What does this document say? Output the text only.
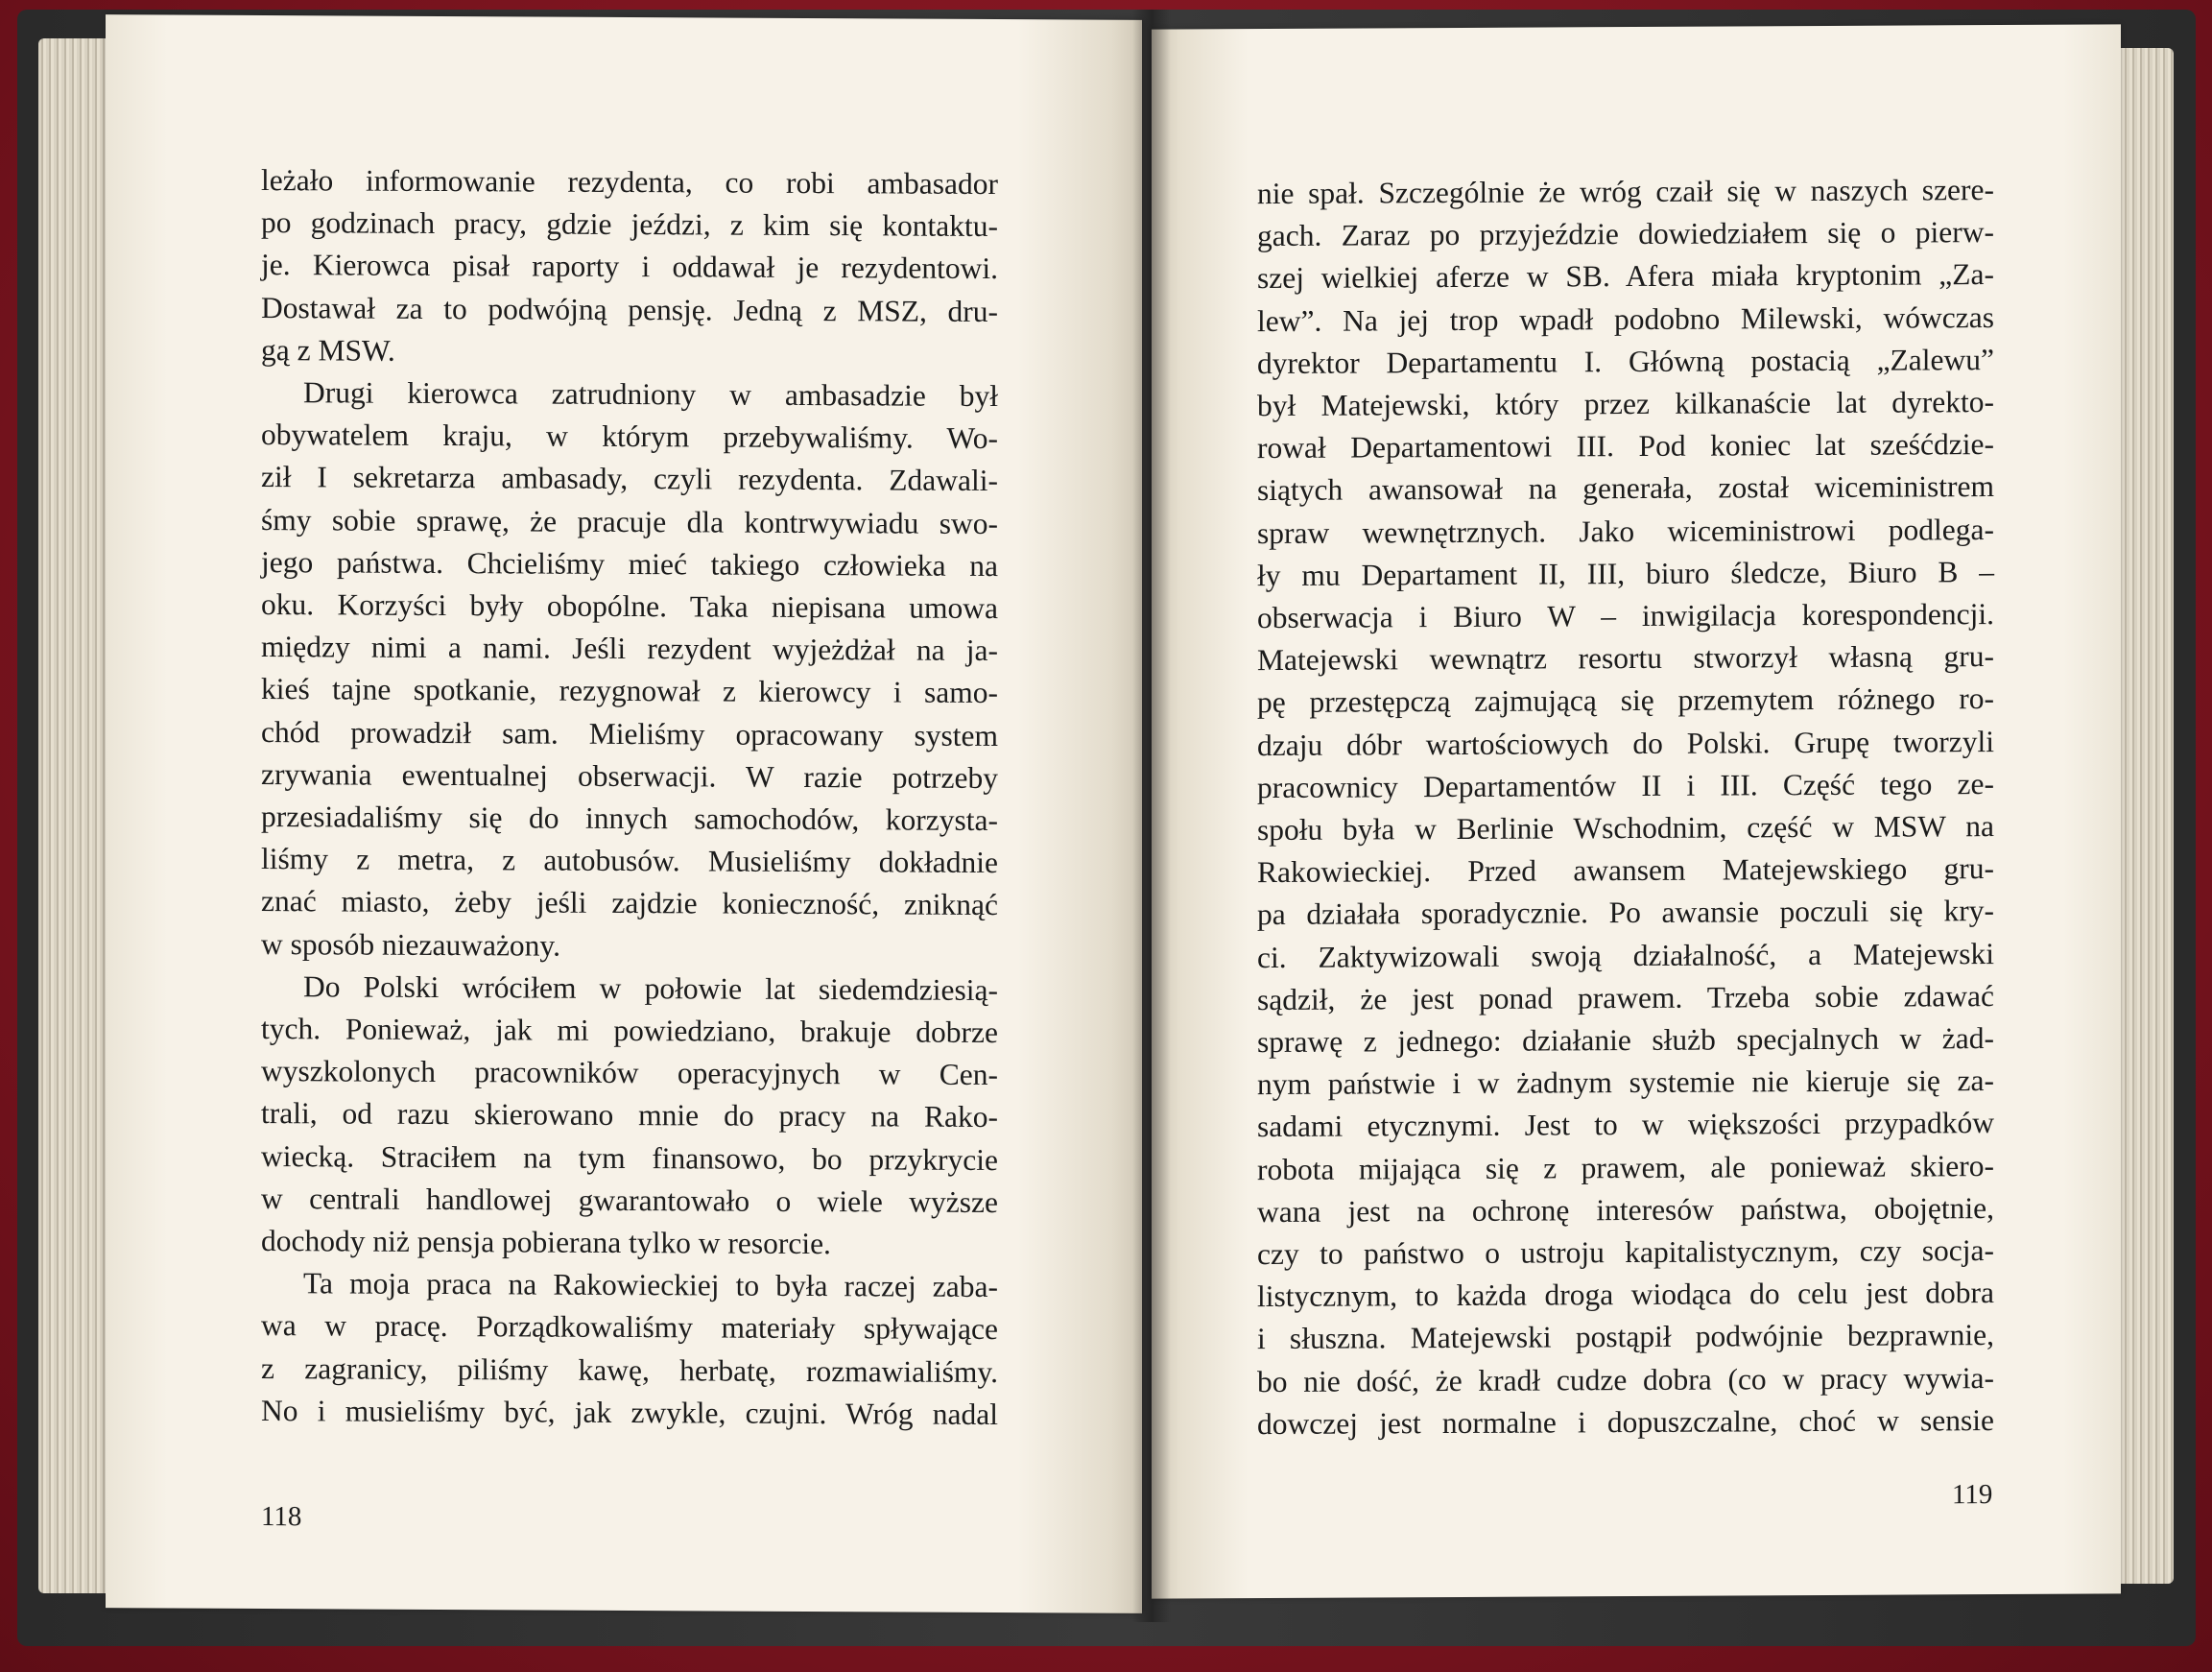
leżało informowanie rezydenta, co robi ambasador
po godzinach pracy, gdzie jeździ, z kim się kontaktu-
je. Kierowca pisał raporty i oddawał je rezydentowi.
Dostawał za to podwójną pensję. Jedną z MSZ, dru-
gą z MSW.
Drugi kierowca zatrudniony w ambasadzie był
obywatelem kraju, w którym przebywaliśmy. Wo-
ził I sekretarza ambasady, czyli rezydenta. Zdawali-
śmy sobie sprawę, że pracuje dla kontrwywiadu swo-
jego państwa. Chcieliśmy mieć takiego człowieka na
oku. Korzyści były obopólne. Taka niepisana umowa
między nimi a nami. Jeśli rezydent wyjeżdżał na ja-
kieś tajne spotkanie, rezygnował z kierowcy i samo-
chód prowadził sam. Mieliśmy opracowany system
zrywania ewentualnej obserwacji. W razie potrzeby
przesiadaliśmy się do innych samochodów, korzysta-
liśmy z metra, z autobusów. Musieliśmy dokładnie
znać miasto, żeby jeśli zajdzie konieczność, zniknąć
w sposób niezauważony.
Do Polski wróciłem w połowie lat siedemdziesią-
tych. Ponieważ, jak mi powiedziano, brakuje dobrze
wyszkolonych pracowników operacyjnych w Cen-
trali, od razu skierowano mnie do pracy na Rako-
wiecką. Straciłem na tym finansowo, bo przykrycie
w centrali handlowej gwarantowało o wiele wyższe
dochody niż pensja pobierana tylko w resorcie.
Ta moja praca na Rakowieckiej to była raczej zaba-
wa w pracę. Porządkowaliśmy materiały spływające
z zagranicy, piliśmy kawę, herbatę, rozmawialiśmy.
No i musieliśmy być, jak zwykle, czujni. Wróg nadal
118
nie spał. Szczególnie że wróg czaił się w naszych szere-
gach. Zaraz po przyjeździe dowiedziałem się o pierw-
szej wielkiej aferze w SB. Afera miała kryptonim „Za-
lew”. Na jej trop wpadł podobno Milewski, wówczas
dyrektor Departamentu I. Główną postacią „Zalewu”
był Matejewski, który przez kilkanaście lat dyrekto-
rował Departamentowi III. Pod koniec lat sześćdzie-
siątych awansował na generała, został wiceministrem
spraw wewnętrznych. Jako wiceministrowi podlega-
ły mu Departament II, III, biuro śledcze, Biuro B –
obserwacja i Biuro W – inwigilacja korespondencji.
Matejewski wewnątrz resortu stworzył własną gru-
pę przestępczą zajmującą się przemytem różnego ro-
dzaju dóbr wartościowych do Polski. Grupę tworzyli
pracownicy Departamentów II i III. Część tego ze-
społu była w Berlinie Wschodnim, część w MSW na
Rakowieckiej. Przed awansem Matejewskiego gru-
pa działała sporadycznie. Po awansie poczuli się kry-
ci. Zaktywizowali swoją działalność, a Matejewski
sądził, że jest ponad prawem. Trzeba sobie zdawać
sprawę z jednego: działanie służb specjalnych w żad-
nym państwie i w żadnym systemie nie kieruje się za-
sadami etycznymi. Jest to w większości przypadków
robota mijająca się z prawem, ale ponieważ skiero-
wana jest na ochronę interesów państwa, obojętnie,
czy to państwo o ustroju kapitalistycznym, czy socja-
listycznym, to każda droga wiodąca do celu jest dobra
i słuszna. Matejewski postąpił podwójnie bezprawnie,
bo nie dość, że kradł cudze dobra (co w pracy wywia-
dowczej jest normalne i dopuszczalne, choć w sensie
119
